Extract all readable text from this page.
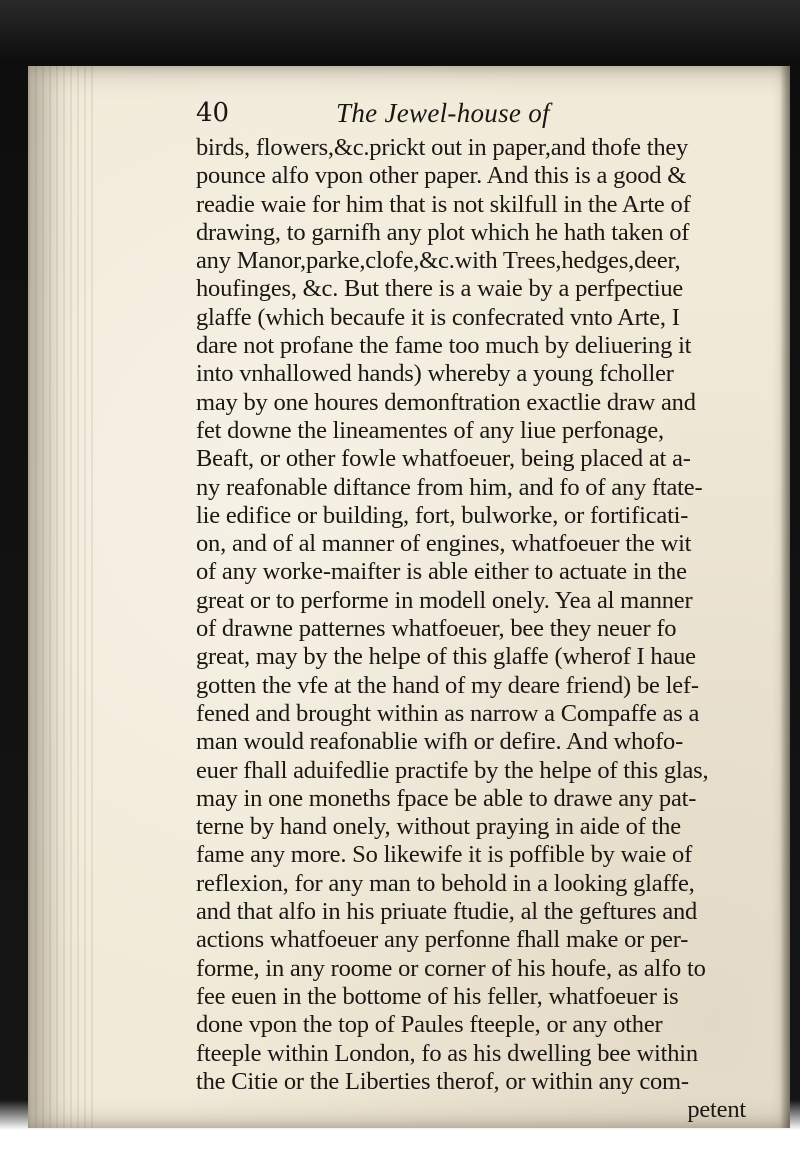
40	The Jewel-house of
birds, flowers,&c.prickt out in paper,and thofe they
pounce alfo vpon other paper. And this is a good &
readie waie for him that is not skilfull in the Arte of
drawing, to garnifh any plot which he hath taken of
any Manor,parke,clofe,&c.with Trees,hedges,deer,
houfinges, &c. But there is a waie by a perfpectiue
glaffe (which becaufe it is confecrated vnto Arte, I
dare not profane the fame too much by deliuering it
into vnhallowed hands) whereby a young fcholler
may by one houres demonftration exactlie draw and
fet downe the lineamentes of any liue perfonage,
Beaft, or other fowle whatfoeuer, being placed at a-
ny reafonable diftance from him, and fo of any ftate-
lie edifice or building, fort, bulworke, or fortificati-
on, and of al manner of engines, whatfoeuer the wit
of any worke-maifter is able either to actuate in the
great or to performe in modell onely. Yea al manner
of drawne patternes whatfoeuer, bee they neuer fo
great, may by the helpe of this glaffe (wherof I haue
gotten the vfe at the hand of my deare friend) be lef-
fened and brought within as narrow a Compaffe as a
man would reafonablie wifh or defire. And whofo-
euer fhall aduifedlie practife by the helpe of this glas,
may in one moneths fpace be able to drawe any pat-
terne by hand onely, without praying in aide of the
fame any more. So likewife it is poffible by waie of
reflexion, for any man to behold in a looking glaffe,
and that alfo in his priuate ftudie, al the geftures and
actions whatfoeuer any perfonne fhall make or per-
forme, in any roome or corner of his houfe, as alfo to
fee euen in the bottome of his feller, whatfoeuer is
done vpon the top of Paules fteeple, or any other
fteeple within London, fo as his dwelling bee within
the Citie or the Liberties therof, or within any com-
petent
